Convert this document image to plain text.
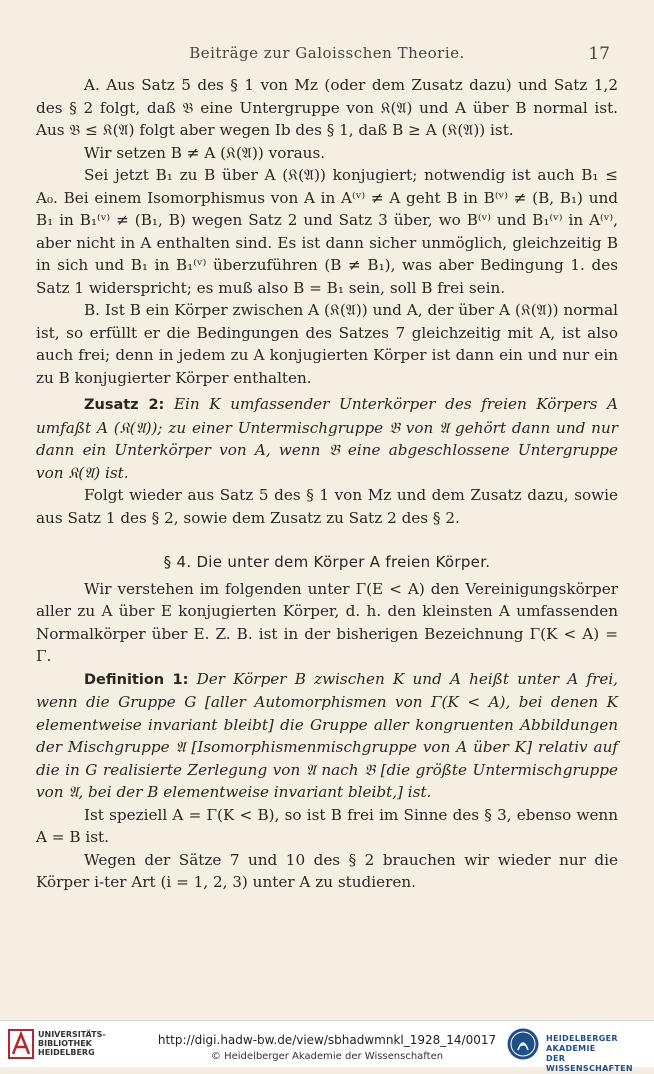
Beiträge zur Galoisschen Theorie.	17

A. Aus Satz 5 des § 1 von Mz (oder dem Zusatz dazu) und Satz 1,2 des § 2 folgt, daß 𝔅 eine Untergruppe von 𝔎(𝔄) und A über B normal ist. Aus 𝔅 ≤ 𝔎(𝔄) folgt aber wegen Ib des § 1, daß B ≥ A (𝔎(𝔄)) ist.

Wir setzen B ≠ A (𝔎(𝔄)) voraus.

Sei jetzt B₁ zu B über A (𝔎(𝔄)) konjugiert; notwendig ist auch B₁ ≤ A₀. Bei einem Isomorphismus von A in A⁽ᵛ⁾ ≠ A geht B in B⁽ᵛ⁾ ≠ (B, B₁) und B₁ in B₁⁽ᵛ⁾ ≠ (B₁, B) wegen Satz 2 und Satz 3 über, wo B⁽ᵛ⁾ und B₁⁽ᵛ⁾ in A⁽ᵛ⁾, aber nicht in A enthalten sind. Es ist dann sicher unmöglich, gleichzeitig B in sich und B₁ in B₁⁽ᵛ⁾ überzuführen (B ≠ B₁), was aber Bedingung 1. des Satz 1 widerspricht; es muß also B = B₁ sein, soll B frei sein.

B. Ist B ein Körper zwischen A (𝔎(𝔄)) und A, der über A (𝔎(𝔄)) normal ist, so erfüllt er die Bedingungen des Satzes 7 gleichzeitig mit A, ist also auch frei; denn in jedem zu A konjugierten Körper ist dann ein und nur ein zu B konjugierter Körper enthalten.

Zusatz 2: Ein K umfassender Unterkörper des freien Körpers A umfaßt A (𝔎(𝔄)); zu einer Untermischgruppe 𝔅 von 𝔄 gehört dann und nur dann ein Unterkörper von A, wenn 𝔅 eine abgeschlossene Untergruppe von 𝔎(𝔄) ist.

Folgt wieder aus Satz 5 des § 1 von Mz und dem Zusatz dazu, sowie aus Satz 1 des § 2, sowie dem Zusatz zu Satz 2 des § 2.

§ 4. Die unter dem Körper A freien Körper.

Wir verstehen im folgenden unter Γ(E < A) den Vereinigungskörper aller zu A über E konjugierten Körper, d. h. den kleinsten A umfassenden Normalkörper über E. Z. B. ist in der bisherigen Bezeichnung Γ(K < A) = Γ.

Definition 1: Der Körper B zwischen K und A heißt unter A frei, wenn die Gruppe G [aller Automorphismen von Γ(K < A), bei denen K elementweise invariant bleibt] die Gruppe aller kongruenten Abbildungen der Mischgruppe 𝔄 [Isomorphismenmischgruppe von A über K] relativ auf die in G realisierte Zerlegung von 𝔄 nach 𝔅 [die größte Untermischgruppe von 𝔄, bei der B elementweise invariant bleibt,] ist.

Ist speziell A = Γ(K < B), so ist B frei im Sinne des § 3, ebenso wenn A = B ist.

Wegen der Sätze 7 und 10 des § 2 brauchen wir wieder nur die Körper i-ter Art (i = 1, 2, 3) unter A zu studieren.

UNIVERSITÄTS-
BIBLIOTHEK
HEIDELBERG
http://digi.hadw-bw.de/view/sbhadwmnkl_1928_14/0017
© Heidelberger Akademie der Wissenschaften
HEIDELBERGER AKADEMIE
DER WISSENSCHAFTEN
